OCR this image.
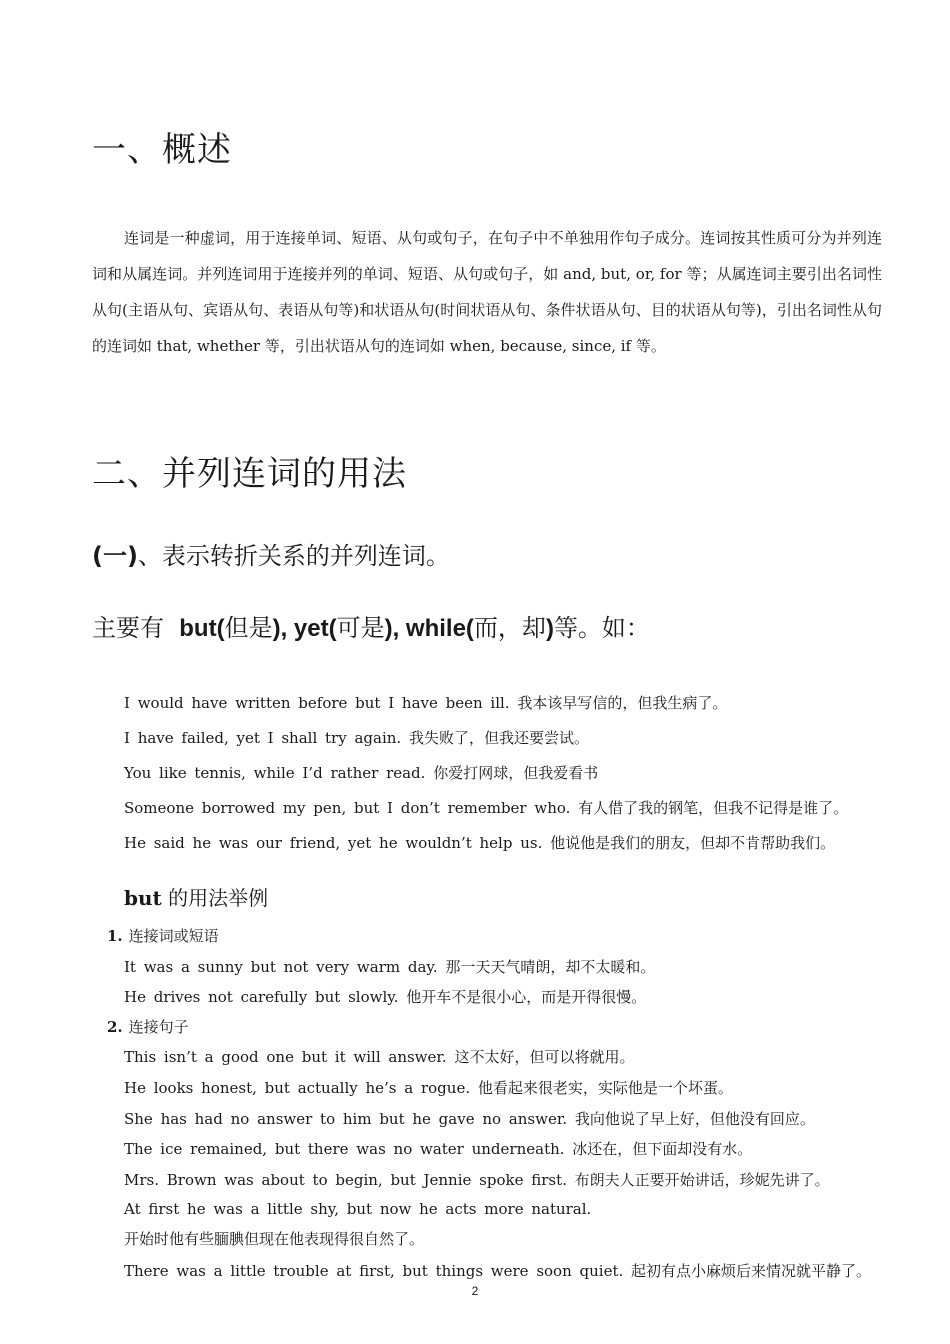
一、概述

连词是一种虚词，用于连接单词、短语、从句或句子，在句子中不单独用作句子成分。连词按其性质可分为并列连词和从属连词。并列连词用于连接并列的单词、短语、从句或句子，如 and, but, or, for 等；从属连词主要引出名词性从句(主语从句、宾语从句、表语从句等)和状语从句(时间状语从句、条件状语从句、目的状语从句等)，引出名词性从句的连词如 that, whether 等，引出状语从句的连词如 when, because, since, if 等。

二、并列连词的用法
(一)、表示转折关系的并列连词。
主要有 but(但是), yet(可是), while(而，却)等。如：
I would have written before but I have been ill. 我本该早写信的，但我生病了。
I have failed, yet I shall try again. 我失败了，但我还要尝试。
You like tennis, while I’d rather read. 你爱打网球，但我爱看书
Someone borrowed my pen, but I don’t remember who. 有人借了我的钢笔，但我不记得是谁了。
He said he was our friend, yet he wouldn’t help us. 他说他是我们的朋友，但却不肯帮助我们。
but 的用法举例
1. 连接词或短语
It was a sunny but not very warm day. 那一天天气晴朗，却不太暖和。
He drives not carefully but slowly. 他开车不是很小心，而是开得很慢。
2. 连接句子
This isn’t a good one but it will answer. 这不太好，但可以将就用。
He looks honest, but actually he’s a rogue. 他看起来很老实，实际他是一个坏蛋。
She has had no answer to him but he gave no answer. 我向他说了早上好，但他没有回应。
The ice remained, but there was no water underneath. 冰还在，但下面却没有水。
Mrs. Brown was about to begin, but Jennie spoke first. 布朗夫人正要开始讲话，珍妮先讲了。
At first he was a little shy, but now he acts more natural.
开始时他有些腼腆但现在他表现得很自然了。
There was a little trouble at first, but things were soon quiet. 起初有点小麻烦后来情况就平静了。
2
